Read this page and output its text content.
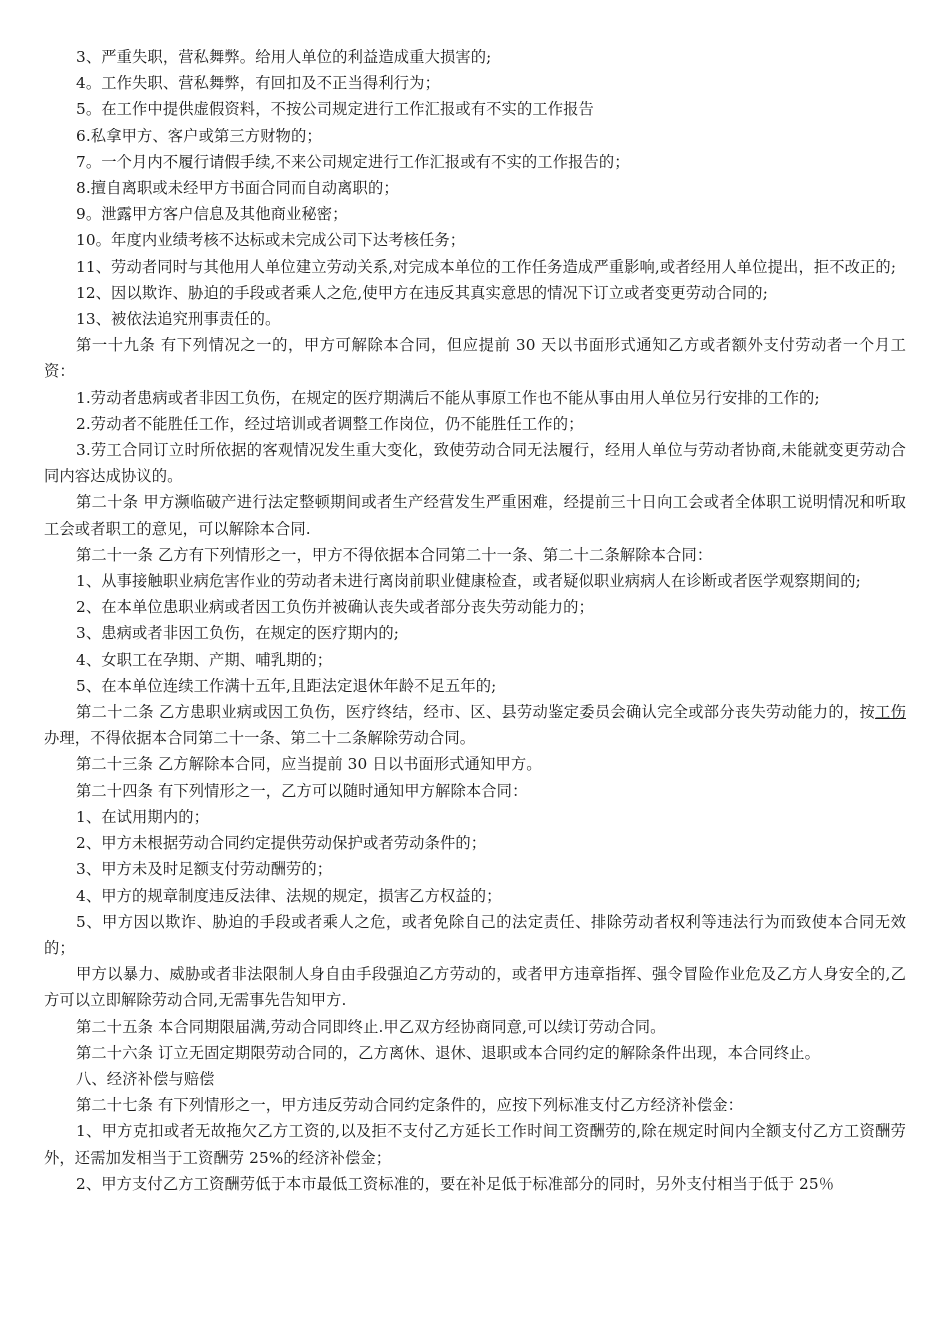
3、严重失职，营私舞弊。给用人单位的利益造成重大损害的;

4。工作失职、营私舞弊，有回扣及不正当得利行为；

5。在工作中提供虚假资料，不按公司规定进行工作汇报或有不实的工作报告

6.私拿甲方、客户或第三方财物的；

7。一个月内不履行请假手续,不来公司规定进行工作汇报或有不实的工作报告的；

8.擅自离职或未经甲方书面合同而自动离职的；

9。泄露甲方客户信息及其他商业秘密；

10。年度内业绩考核不达标或未完成公司下达考核任务；

11、劳动者同时与其他用人单位建立劳动关系,对完成本单位的工作任务造成严重影响,或者经用人单位提出，拒不改正的;

12、因以欺诈、胁迫的手段或者乘人之危,使甲方在违反其真实意思的情况下订立或者变更劳动合同的;

13、被依法追究刑事责任的。

第一十九条 有下列情况之一的，甲方可解除本合同，但应提前 30 天以书面形式通知乙方或者额外支付劳动者一个月工资：

1.劳动者患病或者非因工负伤，在规定的医疗期满后不能从事原工作也不能从事由用人单位另行安排的工作的;

2.劳动者不能胜任工作，经过培训或者调整工作岗位，仍不能胜任工作的；

3.劳工合同订立时所依据的客观情况发生重大变化，致使劳动合同无法履行，经用人单位与劳动者协商,未能就变更劳动合同内容达成协议的。

第二十条 甲方濒临破产进行法定整顿期间或者生产经营发生严重困难，经提前三十日向工会或者全体职工说明情况和听取工会或者职工的意见，可以解除本合同.

第二十一条 乙方有下列情形之一，甲方不得依据本合同第二十一条、第二十二条解除本合同：

1、从事接触职业病危害作业的劳动者未进行离岗前职业健康检查，或者疑似职业病病人在诊断或者医学观察期间的;

2、在本单位患职业病或者因工负伤并被确认丧失或者部分丧失劳动能力的；

3、患病或者非因工负伤，在规定的医疗期内的;

4、女职工在孕期、产期、哺乳期的；

5、在本单位连续工作满十五年,且距法定退休年龄不足五年的;

第二十二条 乙方患职业病或因工负伤，医疗终结，经市、区、县劳动鉴定委员会确认完全或部分丧失劳动能力的，按工伤办理，不得依据本合同第二十一条、第二十二条解除劳动合同。

第二十三条 乙方解除本合同，应当提前 30 日以书面形式通知甲方。

第二十四条 有下列情形之一，乙方可以随时通知甲方解除本合同：

1、在试用期内的；

2、甲方未根据劳动合同约定提供劳动保护或者劳动条件的；

3、甲方未及时足额支付劳动酬劳的；

4、甲方的规章制度违反法律、法规的规定，损害乙方权益的；

5、甲方因以欺诈、胁迫的手段或者乘人之危，或者免除自己的法定责任、排除劳动者权利等违法行为而致使本合同无效的；

甲方以暴力、威胁或者非法限制人身自由手段强迫乙方劳动的，或者甲方违章指挥、强令冒险作业危及乙方人身安全的,乙方可以立即解除劳动合同,无需事先告知甲方.

第二十五条 本合同期限届满,劳动合同即终止.甲乙双方经协商同意,可以续订劳动合同。

第二十六条 订立无固定期限劳动合同的，乙方离休、退休、退职或本合同约定的解除条件出现，本合同终止。

八、经济补偿与赔偿

第二十七条 有下列情形之一，甲方违反劳动合同约定条件的，应按下列标准支付乙方经济补偿金：

1、甲方克扣或者无故拖欠乙方工资的,以及拒不支付乙方延长工作时间工资酬劳的,除在规定时间内全额支付乙方工资酬劳外，还需加发相当于工资酬劳 25%的经济补偿金；

2、甲方支付乙方工资酬劳低于本市最低工资标准的，要在补足低于标准部分的同时，另外支付相当于低于 25％
